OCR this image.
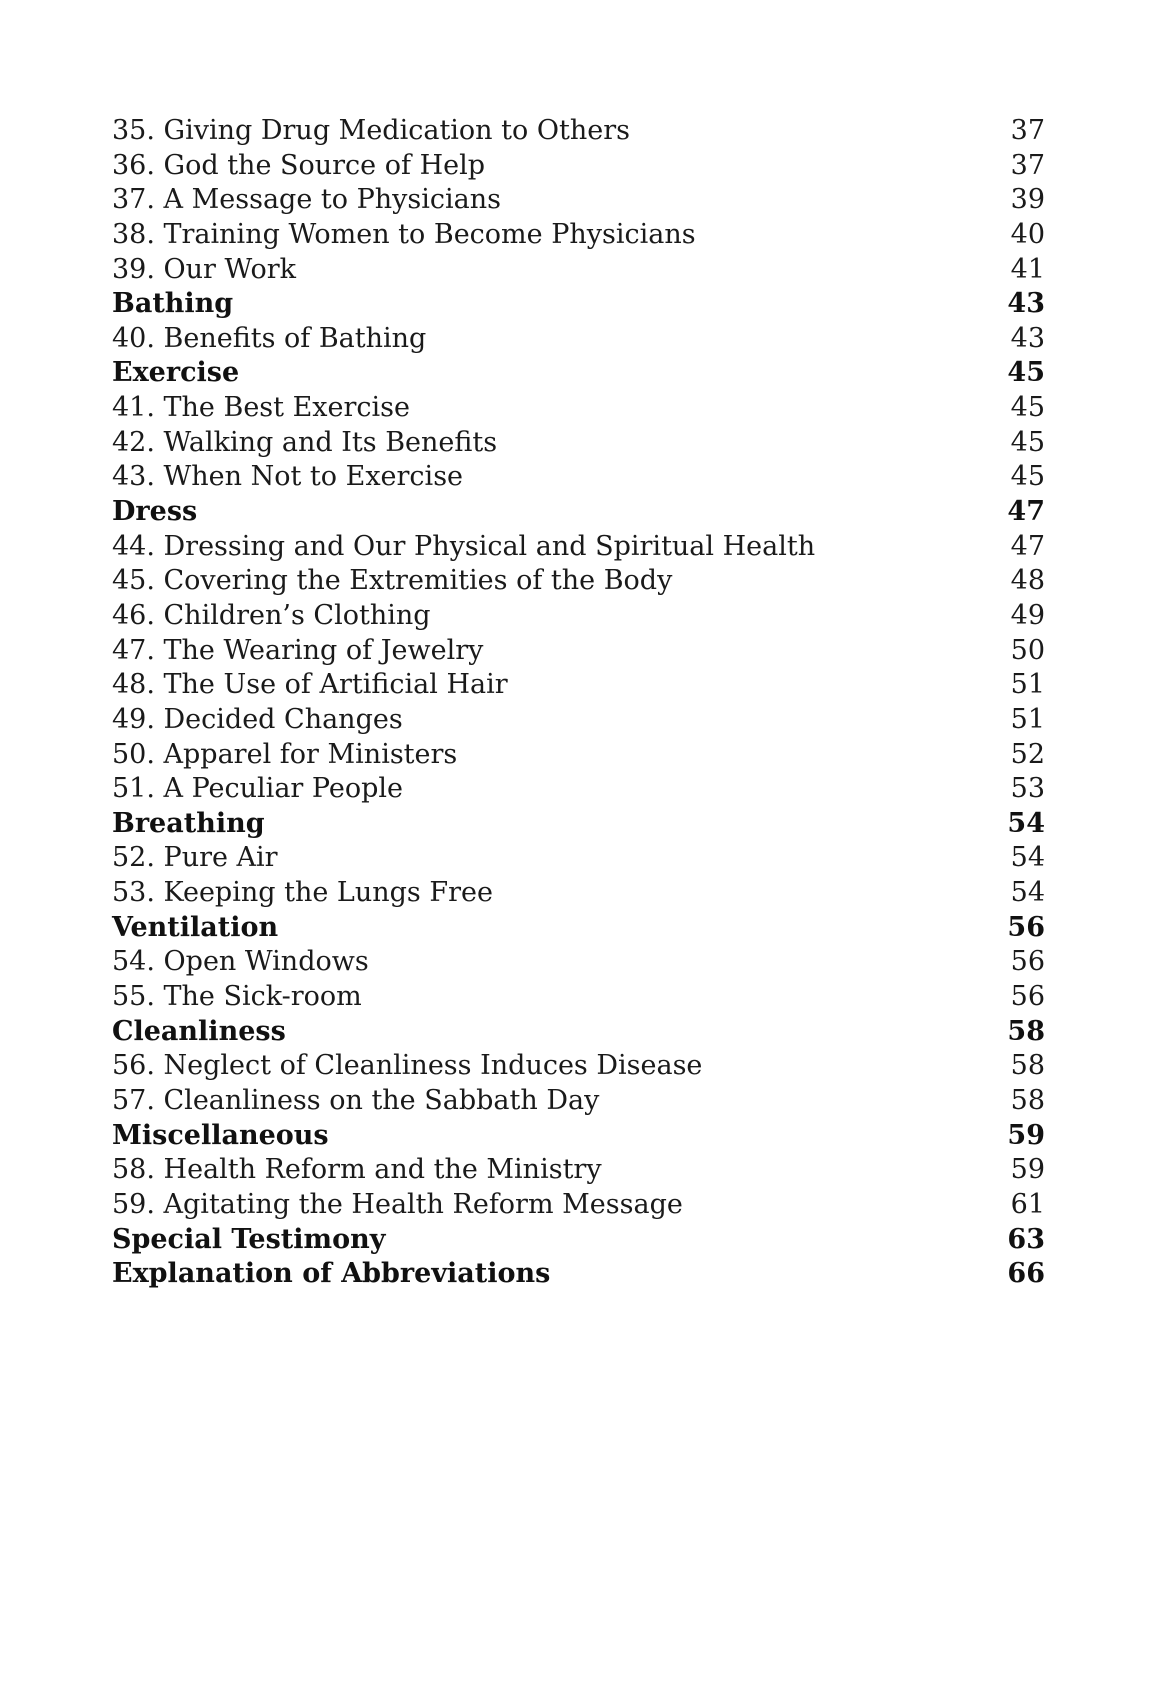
35. Giving Drug Medication to Others	37
36. God the Source of Help	37
37. A Message to Physicians	39
38. Training Women to Become Physicians	40
39. Our Work	41
Bathing	43
40. Benefits of Bathing	43
Exercise	45
41. The Best Exercise	45
42. Walking and Its Benefits	45
43. When Not to Exercise	45
Dress	47
44. Dressing and Our Physical and Spiritual Health	47
45. Covering the Extremities of the Body	48
46. Children’s Clothing	49
47. The Wearing of Jewelry	50
48. The Use of Artificial Hair	51
49. Decided Changes	51
50. Apparel for Ministers	52
51. A Peculiar People	53
Breathing	54
52. Pure Air	54
53. Keeping the Lungs Free	54
Ventilation	56
54. Open Windows	56
55. The Sick-room	56
Cleanliness	58
56. Neglect of Cleanliness Induces Disease	58
57. Cleanliness on the Sabbath Day	58
Miscellaneous	59
58. Health Reform and the Ministry	59
59. Agitating the Health Reform Message	61
Special Testimony	63
Explanation of Abbreviations	66
